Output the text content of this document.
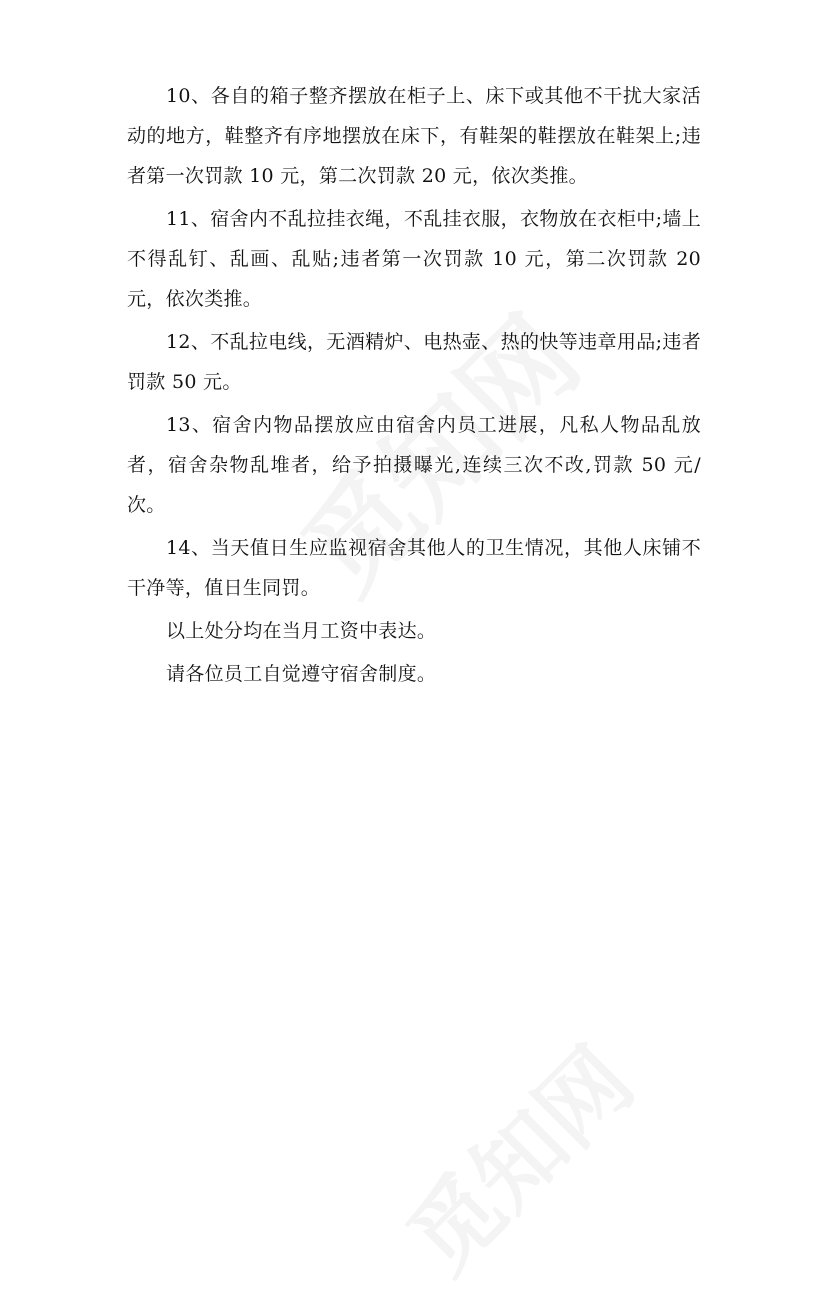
10、各自的箱子整齐摆放在柜子上、床下或其他不干扰大家活动的地方，鞋整齐有序地摆放在床下，有鞋架的鞋摆放在鞋架上;违者第一次罚款 10 元，第二次罚款 20 元，依次类推。

11、宿舍内不乱拉挂衣绳，不乱挂衣服，衣物放在衣柜中;墙上不得乱钉、乱画、乱贴;违者第一次罚款 10 元，第二次罚款 20 元，依次类推。

12、不乱拉电线，无酒精炉、电热壶、热的快等违章用品;违者罚款 50 元。

13、宿舍内物品摆放应由宿舍内员工进展，凡私人物品乱放者，宿舍杂物乱堆者，给予拍摄曝光,连续三次不改,罚款 50 元/次。

14、当天值日生应监视宿舍其他人的卫生情况，其他人床铺不干净等，值日生同罚。

以上处分均在当月工资中表达。

请各位员工自觉遵守宿舍制度。
